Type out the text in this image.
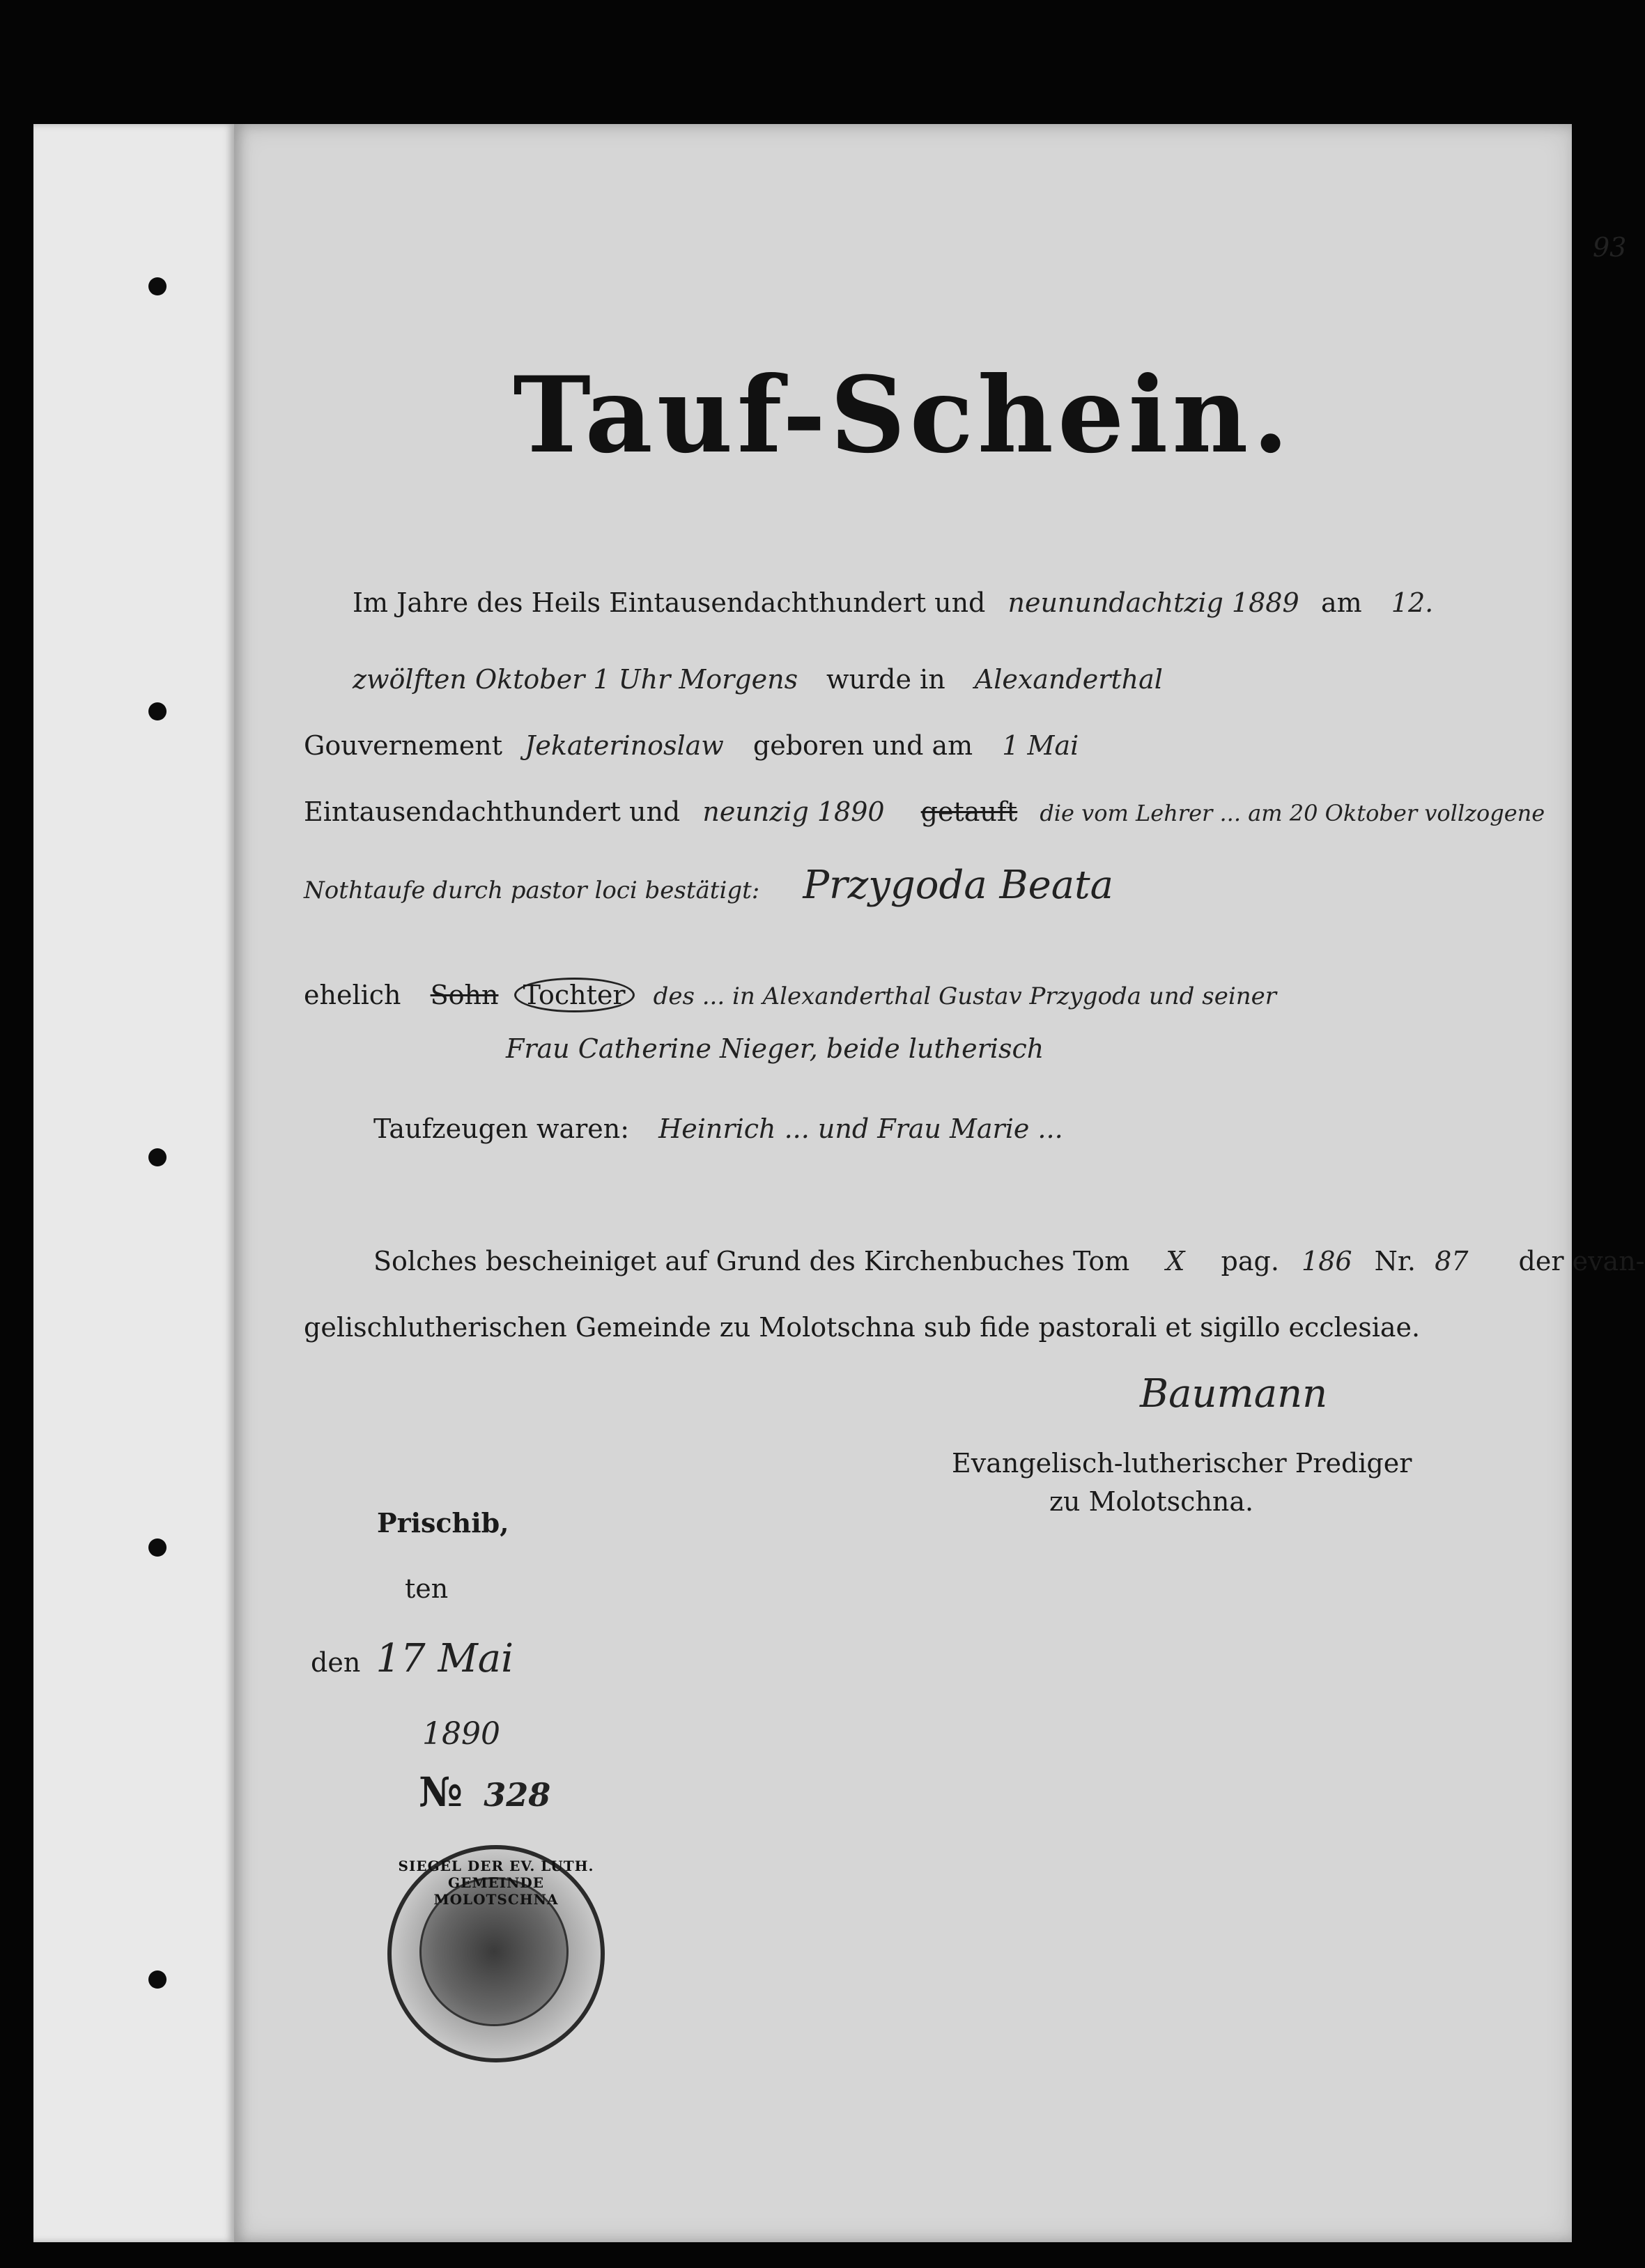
93
Tauf-Schein.
Im Jahre des Heils Eintausendachthundert und neunundachtzig 1889 am 12.
zwölften Oktober 1 Uhr Morgens wurde in Alexanderthal
Gouvernement Jekaterinoslaw geboren und am 1 Mai
Eintausendachthundert und neunzig 1890 getauft die vom Lehrer ... am 20 Oktober vollzogene
Nothtaufe durch pastor loci bestätigt: Przygoda Beata
ehelich Sohn Tochter des ... in Alexanderthal Gustav Przygoda und seiner
Frau Catherine Nieger, beide lutherisch
Taufzeugen waren: Heinrich ... und Frau Marie ...
Solches bescheiniget auf Grund des Kirchenbuches Tom X pag. 186 Nr. 87 der evan-
gelischlutherischen Gemeinde zu Molotschna sub fide pastorali et sigillo ecclesiae.
Baumann
Evangelisch-lutherischer Prediger
zu Molotschna.
Prischib,
ten
den 17 Mai
1890
№ 328
SIEGEL DER EV. LUTH. GEMEINDE MOLOTSCHNA
